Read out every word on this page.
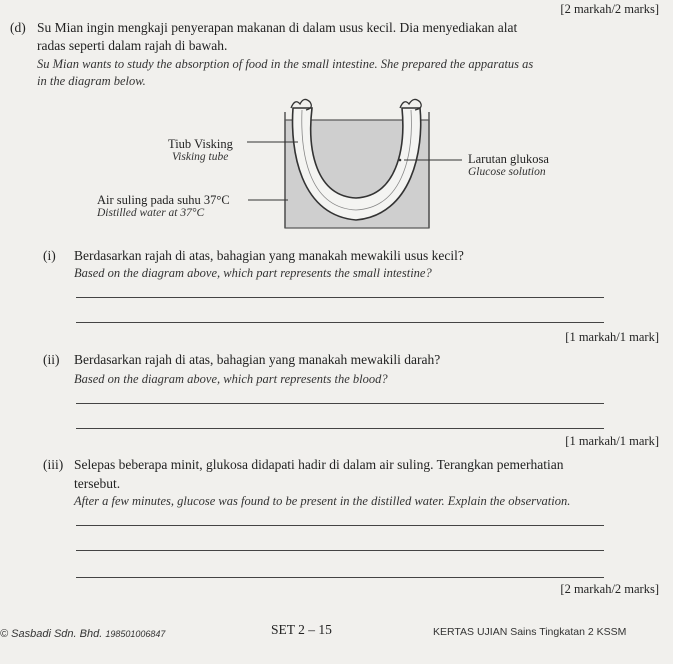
[2 markah/2 marks]
(d) Su Mian ingin mengkaji penyerapan makanan di dalam usus kecil. Dia menyediakan alat
radas seperti dalam rajah di bawah.
Su Mian wants to study the absorption of food in the small intestine. She prepared the apparatus as
in the diagram below.
Tiub Visking
Visking tube
Air suling pada suhu 37°C
Distilled water at 37°C
Larutan glukosa
Glucose solution
(i) Berdasarkan rajah di atas, bahagian yang manakah mewakili usus kecil?
Based on the diagram above, which part represents the small intestine?
[1 markah/1 mark]
(ii) Berdasarkan rajah di atas, bahagian yang manakah mewakili darah?
Based on the diagram above, which part represents the blood?
[1 markah/1 mark]
(iii) Selepas beberapa minit, glukosa didapati hadir di dalam air suling. Terangkan pemerhatian
tersebut.
After a few minutes, glucose was found to be present in the distilled water. Explain the observation.
[2 markah/2 marks]
© Sasbadi Sdn. Bhd. 198501006847	SET 2 – 15	KERTAS UJIAN Sains Tingkatan 2 KSSM
